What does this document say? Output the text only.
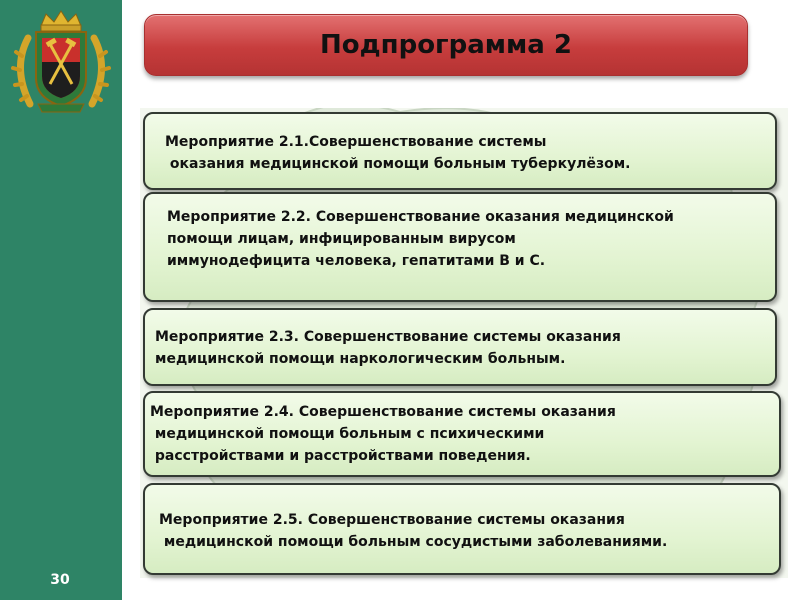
30
Подпрограмма 2
Мероприятие 2.1.Совершенствование системы
оказания медицинской помощи больным туберкулёзом.
Мероприятие 2.2. Совершенствование оказания медицинской
помощи лицам, инфицированным вирусом
иммунодефицита человека, гепатитами В и С.
Мероприятие 2.3. Совершенствование системы оказания
медицинской помощи наркологическим больным.
Мероприятие 2.4. Совершенствование системы оказания
медицинской помощи больным с психическими
расстройствами и расстройствами поведения.
Мероприятие 2.5. Совершенствование системы оказания
медицинской помощи больным сосудистыми заболеваниями.
